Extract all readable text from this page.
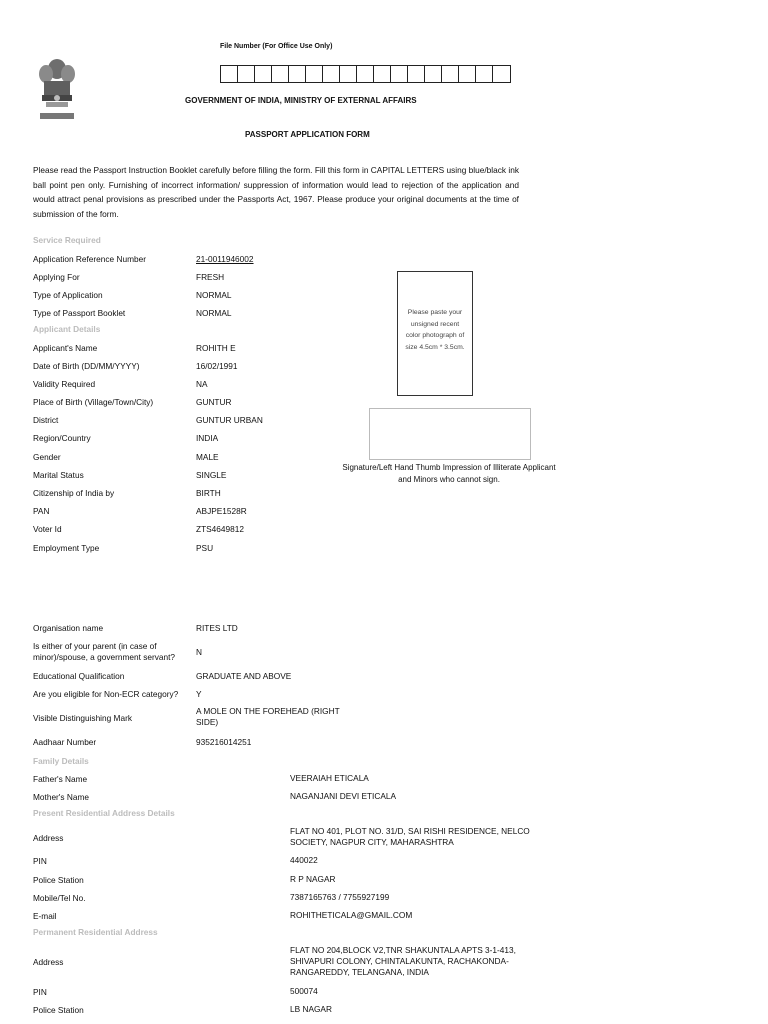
File Number (For Office Use Only)
GOVERNMENT OF INDIA, MINISTRY OF EXTERNAL AFFAIRS
PASSPORT APPLICATION FORM
Please read the Passport Instruction Booklet carefully before filling the form. Fill this form in CAPITAL LETTERS using blue/black ink ball point pen only. Furnishing of incorrect information/ suppression of information would lead to rejection of the application and would attract penal provisions as prescribed under the Passports Act, 1967. Please produce your original documents at the time of submission of the form.
Service Required
Application Reference Number	21-0011946002
Applying For	FRESH
Type of Application	NORMAL
Type of Passport Booklet	NORMAL
Applicant Details
Applicant's Name	ROHITH E
Date of Birth (DD/MM/YYYY)	16/02/1991
Validity Required	NA
Place of Birth (Village/Town/City)	GUNTUR
District	GUNTUR URBAN
Region/Country	INDIA
Gender	MALE
Marital Status	SINGLE
Citizenship of India by	BIRTH
PAN	ABJPE1528R
Voter Id	ZTS4649812
Employment Type	PSU
Please paste your unsigned recent color photograph of size 4.5cm * 3.5cm.
Signature/Left Hand Thumb Impression of Illiterate Applicant and Minors who cannot sign.
Organisation name	RITES LTD
Is either of your parent (in case of minor)/spouse, a government servant?	N
Educational Qualification	GRADUATE AND ABOVE
Are you eligible for Non-ECR category? Y
Visible Distinguishing Mark
A MOLE ON THE FOREHEAD (RIGHT SIDE)
Aadhaar Number	935216014251
Family Details
Father's Name	VEERAIAH ETICALA
Mother's Name	NAGANJANI DEVI ETICALA
Present Residential Address Details
Address
FLAT NO 401, PLOT NO. 31/D, SAI RISHI RESIDENCE, NELCO SOCIETY, NAGPUR CITY, MAHARASHTRA
PIN	440022
Police Station	R P NAGAR
Mobile/Tel No.	7387165763 / 7755927199
E-mail	ROHITHETICALA@GMAIL.COM
Permanent Residential Address
Address
FLAT NO 204,BLOCK V2,TNR SHAKUNTALA APTS 3-1-413, SHIVAPURI COLONY, CHINTALAKUNTA, RACHAKONDA-RANGAREDDY, TELANGANA, INDIA
PIN	500074
Police Station	LB NAGAR
